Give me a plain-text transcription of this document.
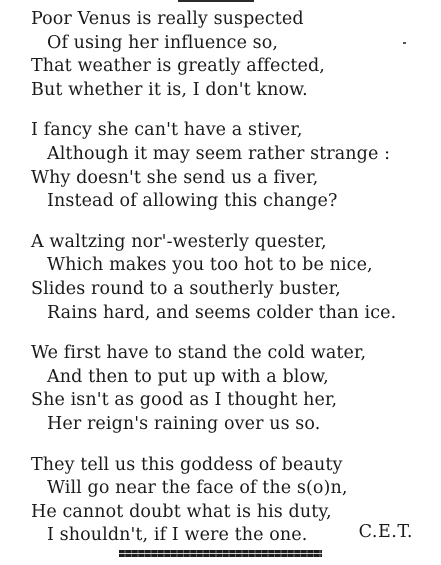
Poor Venus is really suspected
Of using her influence so,
That weather is greatly affected,
But whether it is, I don't know.
I fancy she can't have a stiver,
Although it may seem rather strange :
Why doesn't she send us a fiver,
Instead of allowing this change?
A waltzing nor'-westerly quester,
Which makes you too hot to be nice,
Slides round to a southerly buster,
Rains hard, and seems colder than ice.
We first have to stand the cold water,
And then to put up with a blow,
She isn't as good as I thought her,
Her reign's raining over us so.
They tell us this goddess of beauty
Will go near the face of the s(o)n,
He cannot doubt what is his duty,
I shouldn't, if I were the one.	C.E.T.
